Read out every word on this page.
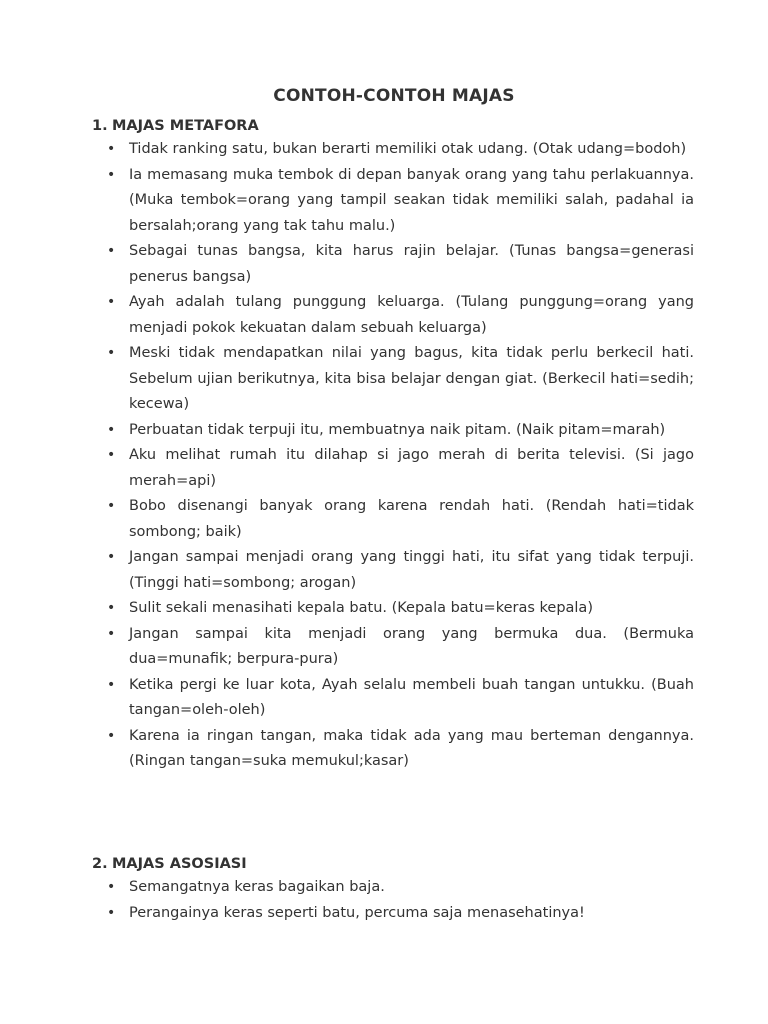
CONTOH-CONTOH MAJAS
1. MAJAS METAFORA
• Tidak ranking satu, bukan berarti memiliki otak udang. (Otak udang=bodoh)
• Ia memasang muka tembok di depan banyak orang yang tahu perlakuannya. (Muka tembok=orang yang tampil seakan tidak memiliki salah, padahal ia bersalah;orang yang tak tahu malu.)
• Sebagai tunas bangsa, kita harus rajin belajar. (Tunas bangsa=generasi penerus bangsa)
• Ayah adalah tulang punggung keluarga. (Tulang punggung=orang yang menjadi pokok kekuatan dalam sebuah keluarga)
• Meski tidak mendapatkan nilai yang bagus, kita tidak perlu berkecil hati. Sebelum ujian berikutnya, kita bisa belajar dengan giat. (Berkecil hati=sedih; kecewa)
• Perbuatan tidak terpuji itu, membuatnya naik pitam. (Naik pitam=marah)
• Aku melihat rumah itu dilahap si jago merah di berita televisi. (Si jago merah=api)
• Bobo disenangi banyak orang karena rendah hati. (Rendah hati=tidak sombong; baik)
• Jangan sampai menjadi orang yang tinggi hati, itu sifat yang tidak terpuji. (Tinggi hati=sombong; arogan)
• Sulit sekali menasihati kepala batu. (Kepala batu=keras kepala)
• Jangan sampai kita menjadi orang yang bermuka dua. (Bermuka dua=munafik; berpura-pura)
• Ketika pergi ke luar kota, Ayah selalu membeli buah tangan untukku. (Buah tangan=oleh-oleh)
• Karena ia ringan tangan, maka tidak ada yang mau berteman dengannya. (Ringan tangan=suka memukul;kasar)
2. MAJAS ASOSIASI
• Semangatnya keras bagaikan baja.
• Perangainya keras seperti batu, percuma saja menasehatinya!
